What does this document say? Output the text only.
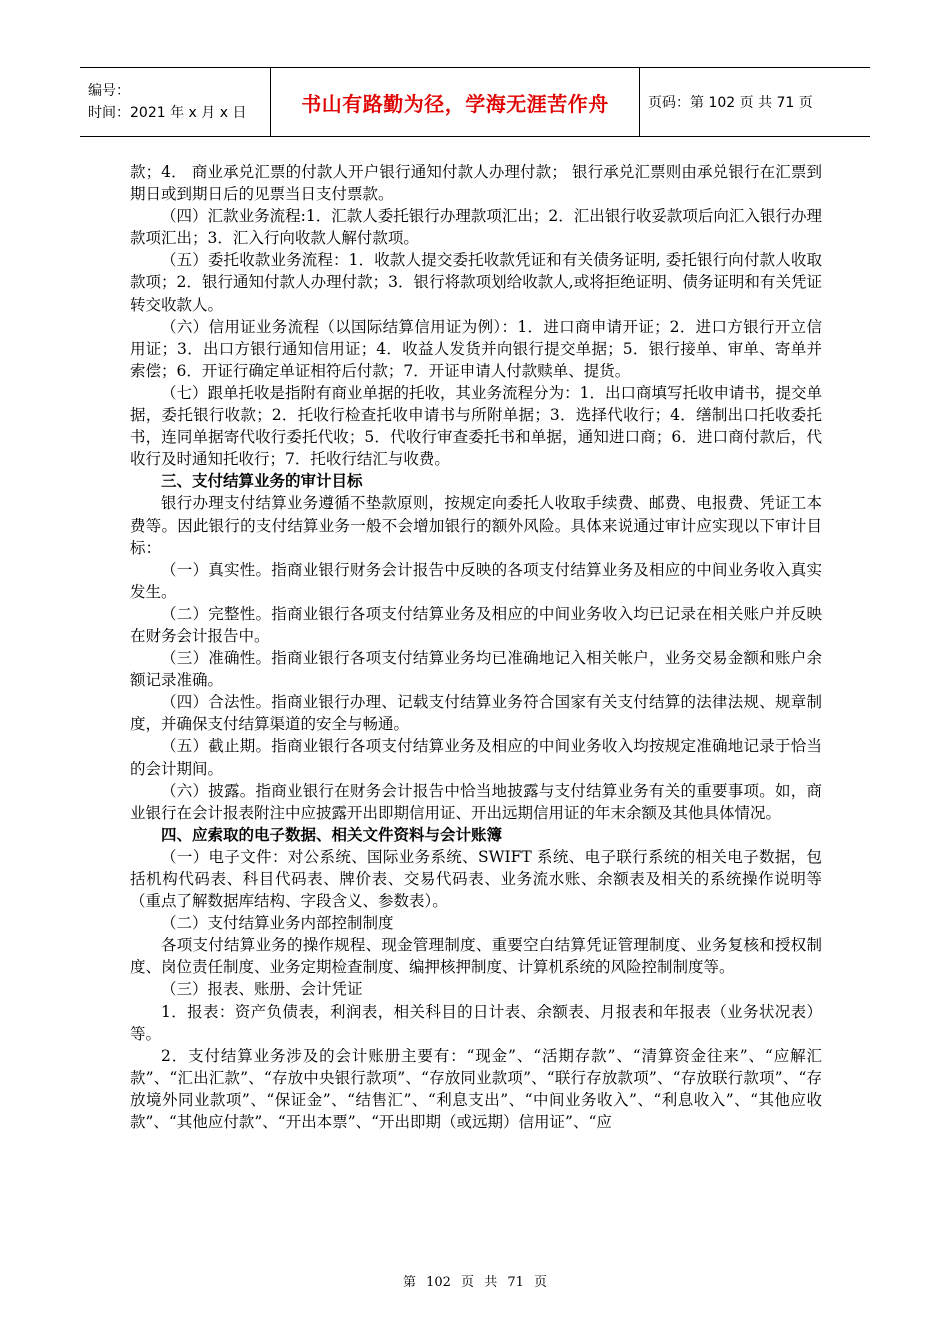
编号：
时间：2021 年 x 月 x 日	书山有路勤为径，学海无涯苦作舟	页码：第 102 页 共 71 页

款；4． 商业承兑汇票的付款人开户银行通知付款人办理付款； 银行承兑汇票则由承兑银行在汇票到期日或到期日后的见票当日支付票款。

（四）汇款业务流程:1．汇款人委托银行办理款项汇出；2．汇出银行收妥款项后向汇入银行办理款项汇出；3．汇入行向收款人解付款项。

（五）委托收款业务流程：1．收款人提交委托收款凭证和有关债务证明, 委托银行向付款人收取款项；2．银行通知付款人办理付款；3．银行将款项划给收款人,或将拒绝证明、债务证明和有关凭证转交收款人。

（六）信用证业务流程（以国际结算信用证为例）：1．进口商申请开证；2．进口方银行开立信用证；3．出口方银行通知信用证；4．收益人发货并向银行提交单据；5．银行接单、审单、寄单并索偿；6．开证行确定单证相符后付款；7．开证申请人付款赎单、提货。

（七）跟单托收是指附有商业单据的托收，其业务流程分为：1．出口商填写托收申请书，提交单据，委托银行收款；2．托收行检查托收申请书与所附单据；3．选择代收行；4．缮制出口托收委托书，连同单据寄代收行委托代收；5．代收行审查委托书和单据，通知进口商；6．进口商付款后，代收行及时通知托收行；7．托收行结汇与收费。

三、支付结算业务的审计目标

银行办理支付结算业务遵循不垫款原则，按规定向委托人收取手续费、邮费、电报费、凭证工本费等。因此银行的支付结算业务一般不会增加银行的额外风险。具体来说通过审计应实现以下审计目标：

（一）真实性。指商业银行财务会计报告中反映的各项支付结算业务及相应的中间业务收入真实发生。

（二）完整性。指商业银行各项支付结算业务及相应的中间业务收入均已记录在相关账户并反映在财务会计报告中。

（三）准确性。指商业银行各项支付结算业务均已准确地记入相关帐户，业务交易金额和账户余额记录准确。

（四）合法性。指商业银行办理、记载支付结算业务符合国家有关支付结算的法律法规、规章制度，并确保支付结算渠道的安全与畅通。

（五）截止期。指商业银行各项支付结算业务及相应的中间业务收入均按规定准确地记录于恰当的会计期间。

（六）披露。指商业银行在财务会计报告中恰当地披露与支付结算业务有关的重要事项。如，商业银行在会计报表附注中应披露开出即期信用证、开出远期信用证的年末余额及其他具体情况。

四、应索取的电子数据、相关文件资料与会计账簿

（一）电子文件：对公系统、国际业务系统、SWIFT 系统、电子联行系统的相关电子数据，包括机构代码表、科目代码表、牌价表、交易代码表、业务流水账、余额表及相关的系统操作说明等（重点了解数据库结构、字段含义、参数表）。

（二）支付结算业务内部控制制度

各项支付结算业务的操作规程、现金管理制度、重要空白结算凭证管理制度、业务复核和授权制度、岗位责任制度、业务定期检查制度、编押核押制度、计算机系统的风险控制制度等。

（三）报表、账册、会计凭证

1．报表：资产负债表，利润表，相关科目的日计表、余额表、月报表和年报表（业务状况表）等。

2．支付结算业务涉及的会计账册主要有：“现金”、“活期存款”、“清算资金往来”、“应解汇款”、“汇出汇款”、“存放中央银行款项”、“存放同业款项”、“联行存放款项”、“存放联行款项”、“存放境外同业款项”、“保证金”、“结售汇”、“利息支出”、“中间业务收入”、“利息收入”、“其他应收款”、“其他应付款”、“开出本票”、“开出即期（或远期）信用证”、“应

第 102 页 共 71 页
